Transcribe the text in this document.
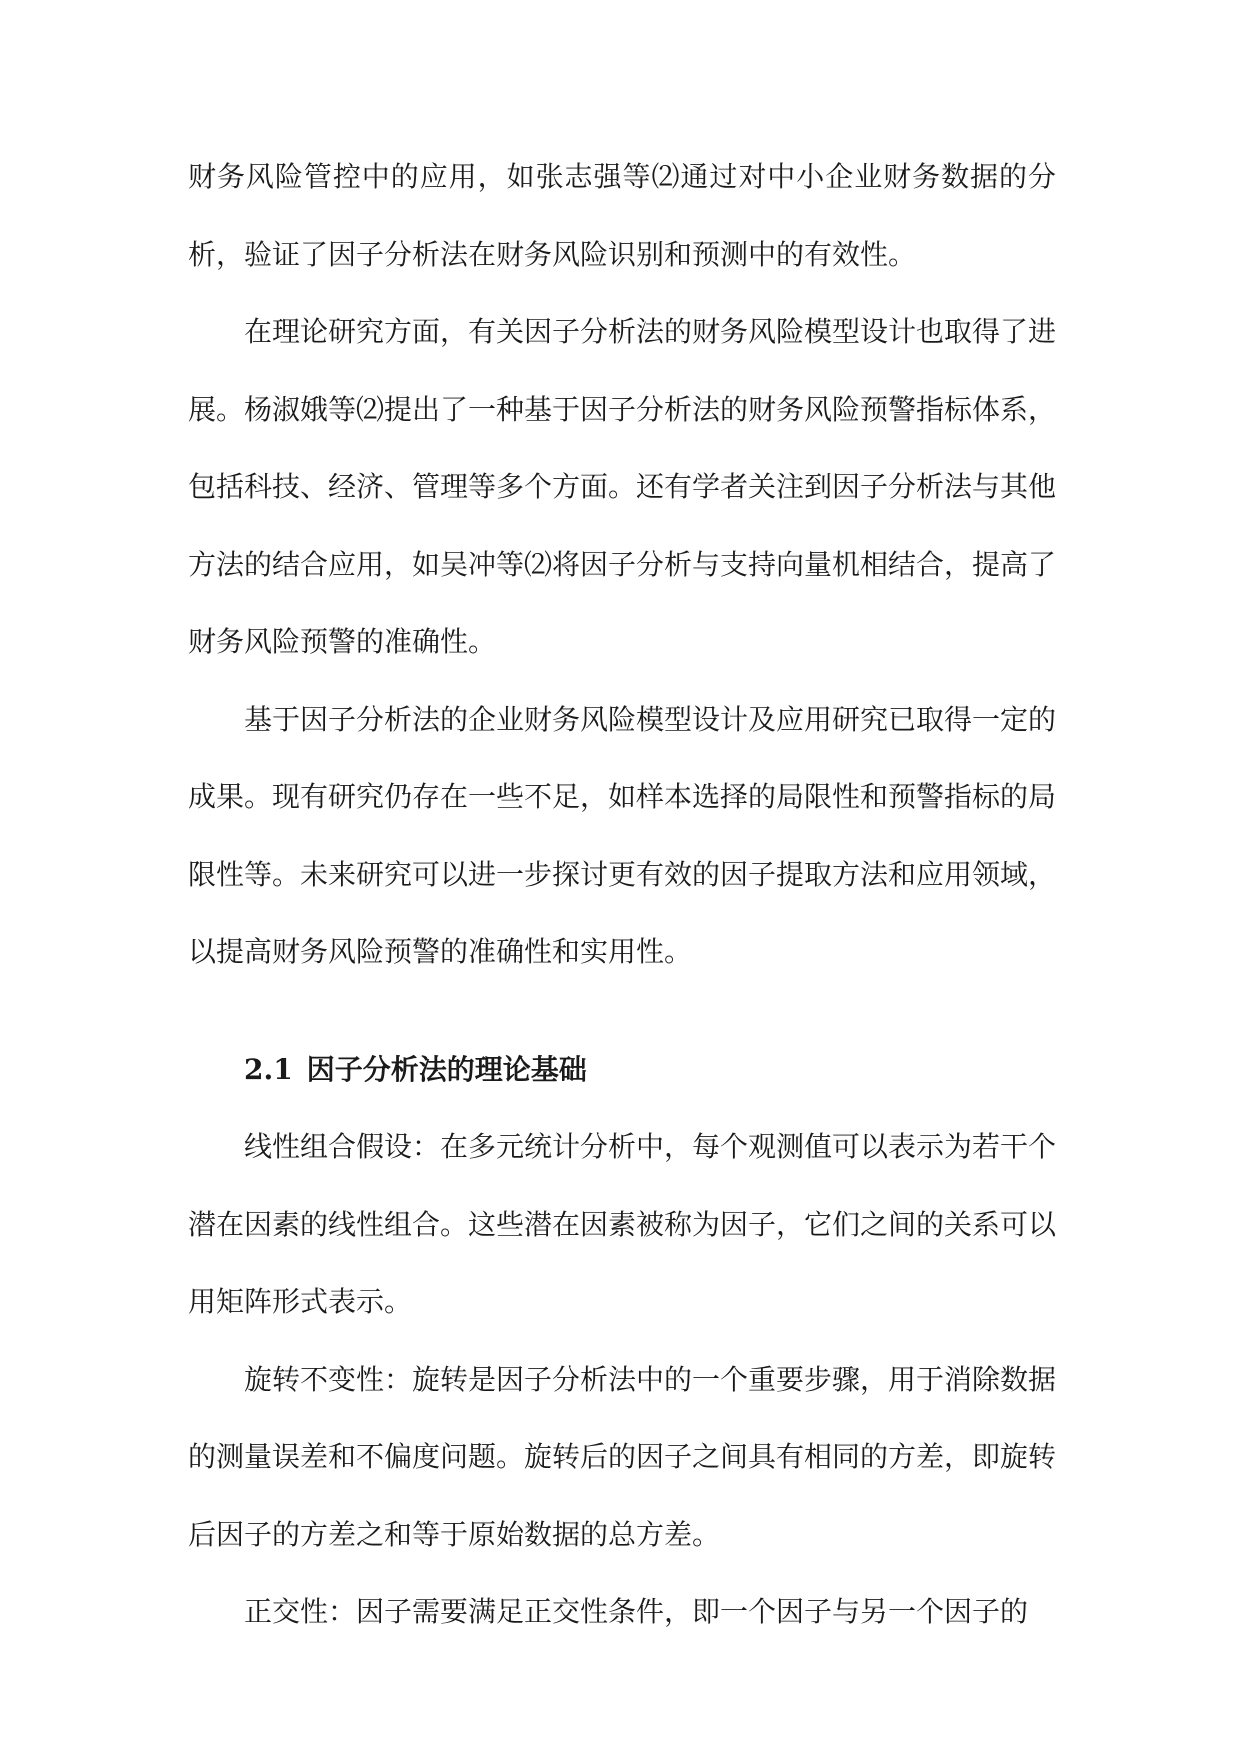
财务风险管控中的应用，如张志强等⑵通过对中小企业财务数据的分析，验证了因子分析法在财务风险识别和预测中的有效性。

在理论研究方面，有关因子分析法的财务风险模型设计也取得了进展。杨淑娥等⑵提出了一种基于因子分析法的财务风险预警指标体系，包括科技、经济、管理等多个方面。还有学者关注到因子分析法与其他方法的结合应用，如吴冲等⑵将因子分析与支持向量机相结合，提高了财务风险预警的准确性。

基于因子分析法的企业财务风险模型设计及应用研究已取得一定的成果。现有研究仍存在一些不足，如样本选择的局限性和预警指标的局限性等。未来研究可以进一步探讨更有效的因子提取方法和应用领域，以提高财务风险预警的准确性和实用性。

2.1 因子分析法的理论基础

线性组合假设：在多元统计分析中，每个观测值可以表示为若干个潜在因素的线性组合。这些潜在因素被称为因子，它们之间的关系可以用矩阵形式表示。

旋转不变性：旋转是因子分析法中的一个重要步骤，用于消除数据的测量误差和不偏度问题。旋转后的因子之间具有相同的方差，即旋转后因子的方差之和等于原始数据的总方差。

正交性：因子需要满足正交性条件，即一个因子与另一个因子的
